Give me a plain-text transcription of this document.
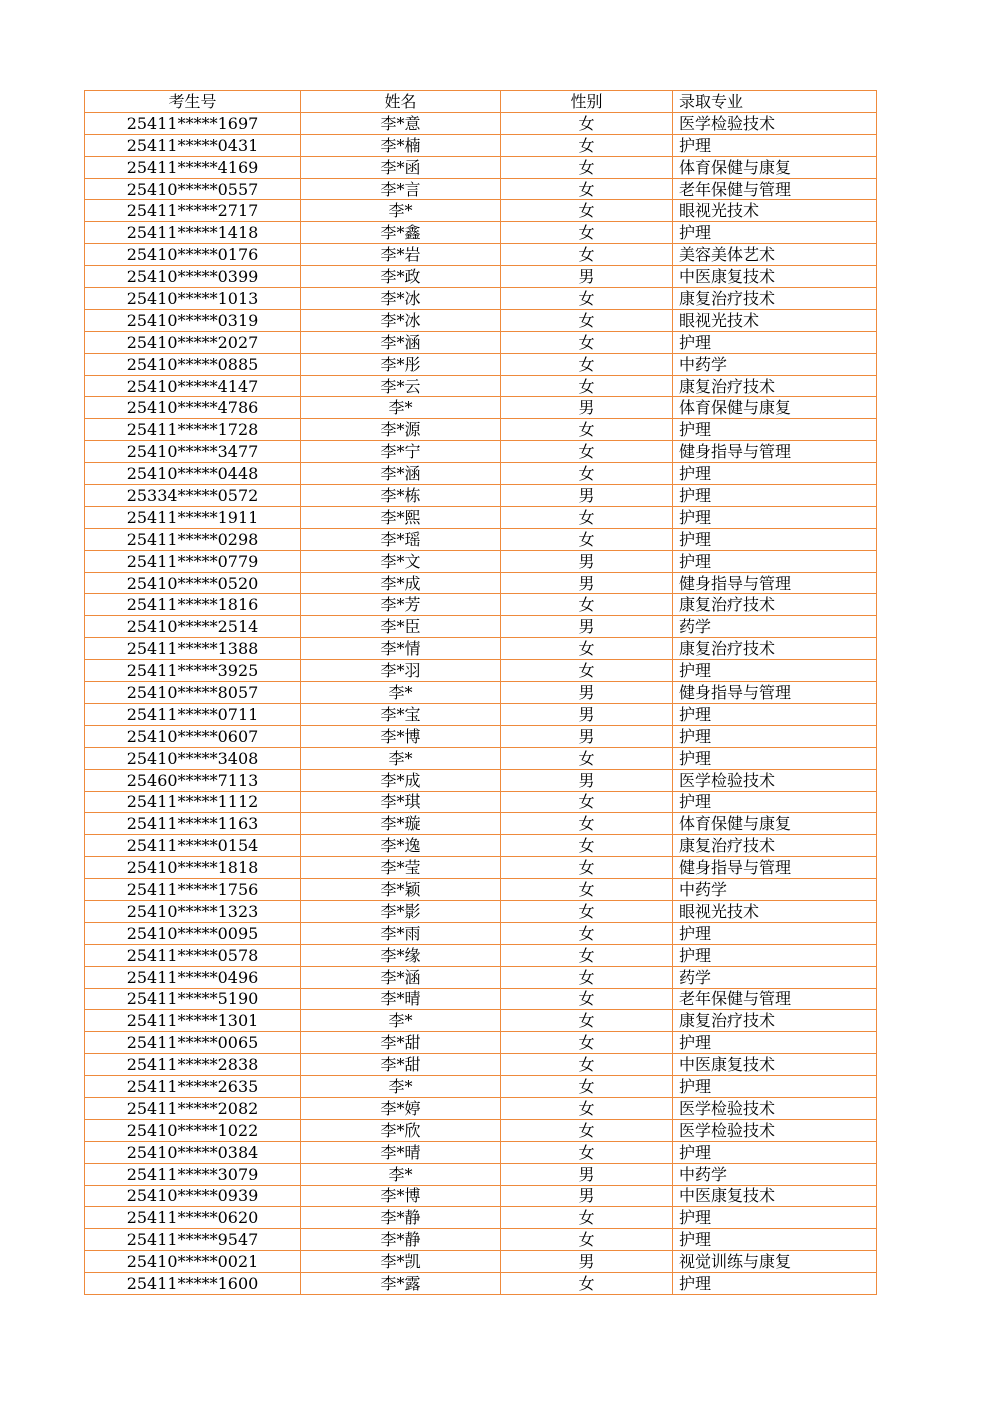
考生号	姓名	性别	录取专业
25411*****1697	李*意	女	医学检验技术
25411*****0431	李*楠	女	护理
25411*****4169	李*函	女	体育保健与康复
25410*****0557	李*言	女	老年保健与管理
25411*****2717	李*	女	眼视光技术
25411*****1418	李*鑫	女	护理
25410*****0176	李*岩	女	美容美体艺术
25410*****0399	李*政	男	中医康复技术
25410*****1013	李*冰	女	康复治疗技术
25410*****0319	李*冰	女	眼视光技术
25410*****2027	李*涵	女	护理
25410*****0885	李*彤	女	中药学
25410*****4147	李*云	女	康复治疗技术
25410*****4786	李*	男	体育保健与康复
25411*****1728	李*源	女	护理
25410*****3477	李*宁	女	健身指导与管理
25410*****0448	李*涵	女	护理
25334*****0572	李*栋	男	护理
25411*****1911	李*熙	女	护理
25411*****0298	李*瑶	女	护理
25411*****0779	李*文	男	护理
25410*****0520	李*成	男	健身指导与管理
25411*****1816	李*芳	女	康复治疗技术
25410*****2514	李*臣	男	药学
25411*****1388	李*情	女	康复治疗技术
25411*****3925	李*羽	女	护理
25410*****8057	李*	男	健身指导与管理
25411*****0711	李*宝	男	护理
25410*****0607	李*博	男	护理
25410*****3408	李*	女	护理
25460*****7113	李*成	男	医学检验技术
25411*****1112	李*琪	女	护理
25411*****1163	李*璇	女	体育保健与康复
25411*****0154	李*逸	女	康复治疗技术
25410*****1818	李*莹	女	健身指导与管理
25411*****1756	李*颖	女	中药学
25410*****1323	李*影	女	眼视光技术
25410*****0095	李*雨	女	护理
25411*****0578	李*缘	女	护理
25411*****0496	李*涵	女	药学
25411*****5190	李*晴	女	老年保健与管理
25411*****1301	李*	女	康复治疗技术
25411*****0065	李*甜	女	护理
25411*****2838	李*甜	女	中医康复技术
25411*****2635	李*	女	护理
25411*****2082	李*婷	女	医学检验技术
25410*****1022	李*欣	女	医学检验技术
25410*****0384	李*晴	女	护理
25411*****3079	李*	男	中药学
25410*****0939	李*博	男	中医康复技术
25411*****0620	李*静	女	护理
25411*****9547	李*静	女	护理
25410*****0021	李*凯	男	视觉训练与康复
25411*****1600	李*露	女	护理
